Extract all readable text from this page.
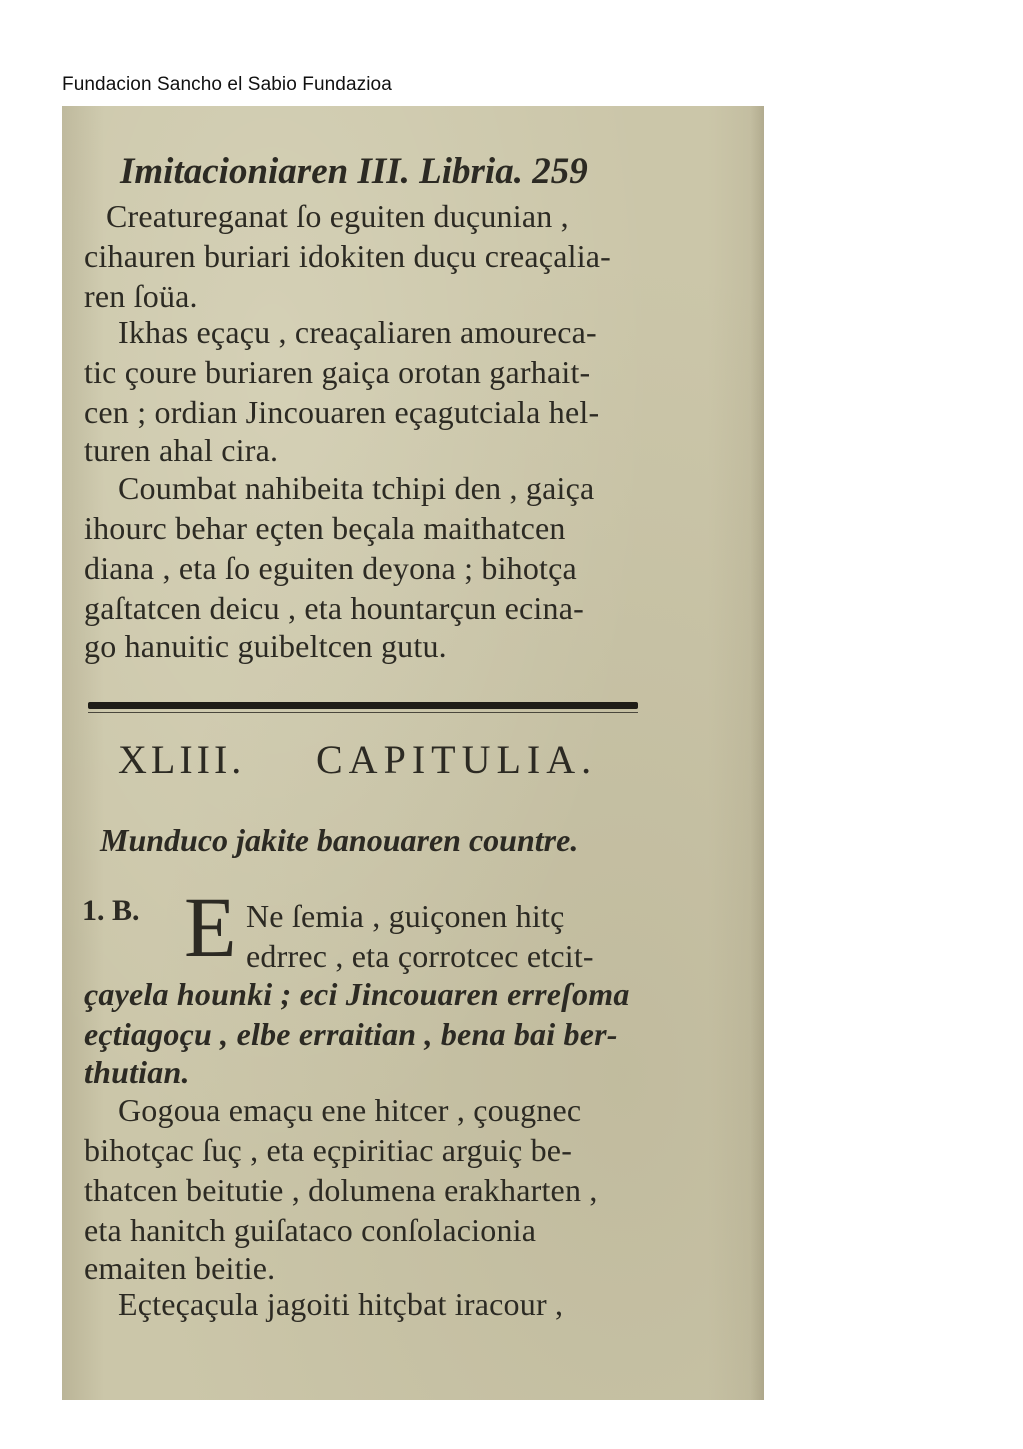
Fundacion Sancho el Sabio Fundazioa
Imitacioniaren III. Libria. 259
Creatureganat ſo eguiten duçunian ,
cihauren buriari idokiten duçu creaçalia-
ren ſoüa.
Ikhas eçaçu , creaçaliaren amoureca-
tic çoure buriaren gaiça orotan garhait-
cen ; ordian Jincouaren eçagutciala hel-
turen ahal cira.
Coumbat nahibeita tchipi den , gaiça
ihourc behar eçten beçala maithatcen
diana , eta ſo eguiten deyona ; bihotça
gaſtatcen deicu , eta hountarçun ecina-
go hanuitic guibeltcen gutu.
XLIII. CAPITULIA.
Munduco jakite banouaren countre.
1. B. E Ne ſemia , guiçonen hitç
edrrec , eta çorrotcec etcit-
çayela hounki ; eci Jincouaren erreſoma
eçtiagoçu , elbe erraitian , bena bai ber-
thutian.
Gogoua emaçu ene hitcer , çougnec
bihotçac ſuç , eta eçpiritiac arguiç be-
thatcen beitutie , dolumena erakharten ,
eta hanitch guiſataco conſolacionia
emaiten beitie.
Eçteçaçula jagoiti hitçbat iracour ,
